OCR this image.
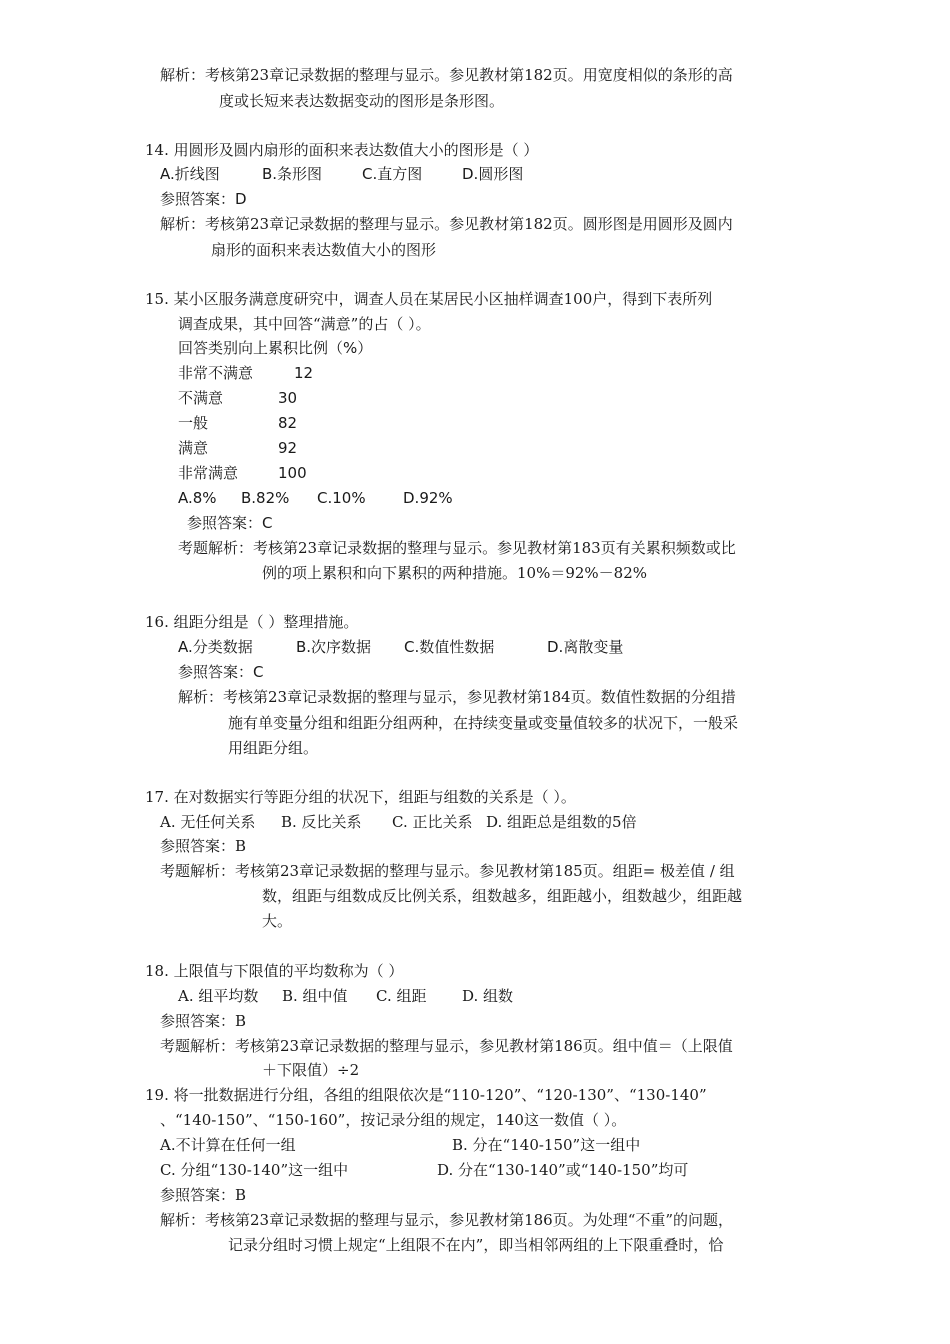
解析：考核第23章记录数据的整理与显示。参见教材第182页。用宽度相似的条形的高
度或长短来表达数据变动的图形是条形图。
14. 用圆形及圆内扇形的面积来表达数值大小的图形是（ ）
A.折线图	B.条形图	C.直方图	D.圆形图
参照答案：D
解析：考核第23章记录数据的整理与显示。参见教材第182页。圆形图是用圆形及圆内
扇形的面积来表达数值大小的图形
15. 某小区服务满意度研究中，调查人员在某居民小区抽样调查100户，得到下表所列
调查成果，其中回答“满意”的占（ ）。
回答类别向上累积比例（%）
非常不满意	12
不满意	30
一般	82
满意	92
非常满意	100
A.8% B.82% C.10% D.92%
参照答案：C
考题解析：考核第23章记录数据的整理与显示。参见教材第183页有关累积频数或比
例的项上累积和向下累积的两种措施。10%＝92%－82%
16. 组距分组是（ ）整理措施。
A.分类数据	B.次序数据 C.数值性数据	D.离散变量
参照答案：C
解析：考核第23章记录数据的整理与显示，参见教材第184页。数值性数据的分组措
施有单变量分组和组距分组两种，在持续变量或变量值较多的状况下，一般采
用组距分组。
17. 在对数据实行等距分组的状况下，组距与组数的关系是（ ）。
A. 无任何关系 B. 反比关系 C. 正比关系 D. 组距总是组数的5倍
参照答案：B
考题解析：考核第23章记录数据的整理与显示。参见教材第185页。组距= 极差值 / 组
数，组距与组数成反比例关系，组数越多，组距越小，组数越少，组距越
大。
18. 上限值与下限值的平均数称为（ ）
A. 组平均数 B. 组中值 C. 组距 D. 组数
参照答案：B
考题解析：考核第23章记录数据的整理与显示，参见教材第186页。组中值＝（上限值
＋下限值）÷2
19. 将一批数据进行分组，各组的组限依次是“110-120”、“120-130”、“130-140”
、“140-150”、“150-160”，按记录分组的规定，140这一数值（ ）。
A.不计算在任何一组	B. 分在“140-150”这一组中
C. 分组“130-140”这一组中	D. 分在“130-140”或“140-150”均可
参照答案：B
解析：考核第23章记录数据的整理与显示，参见教材第186页。为处理“不重”的问题，
记录分组时习惯上规定“上组限不在内”，即当相邻两组的上下限重叠时，恰
